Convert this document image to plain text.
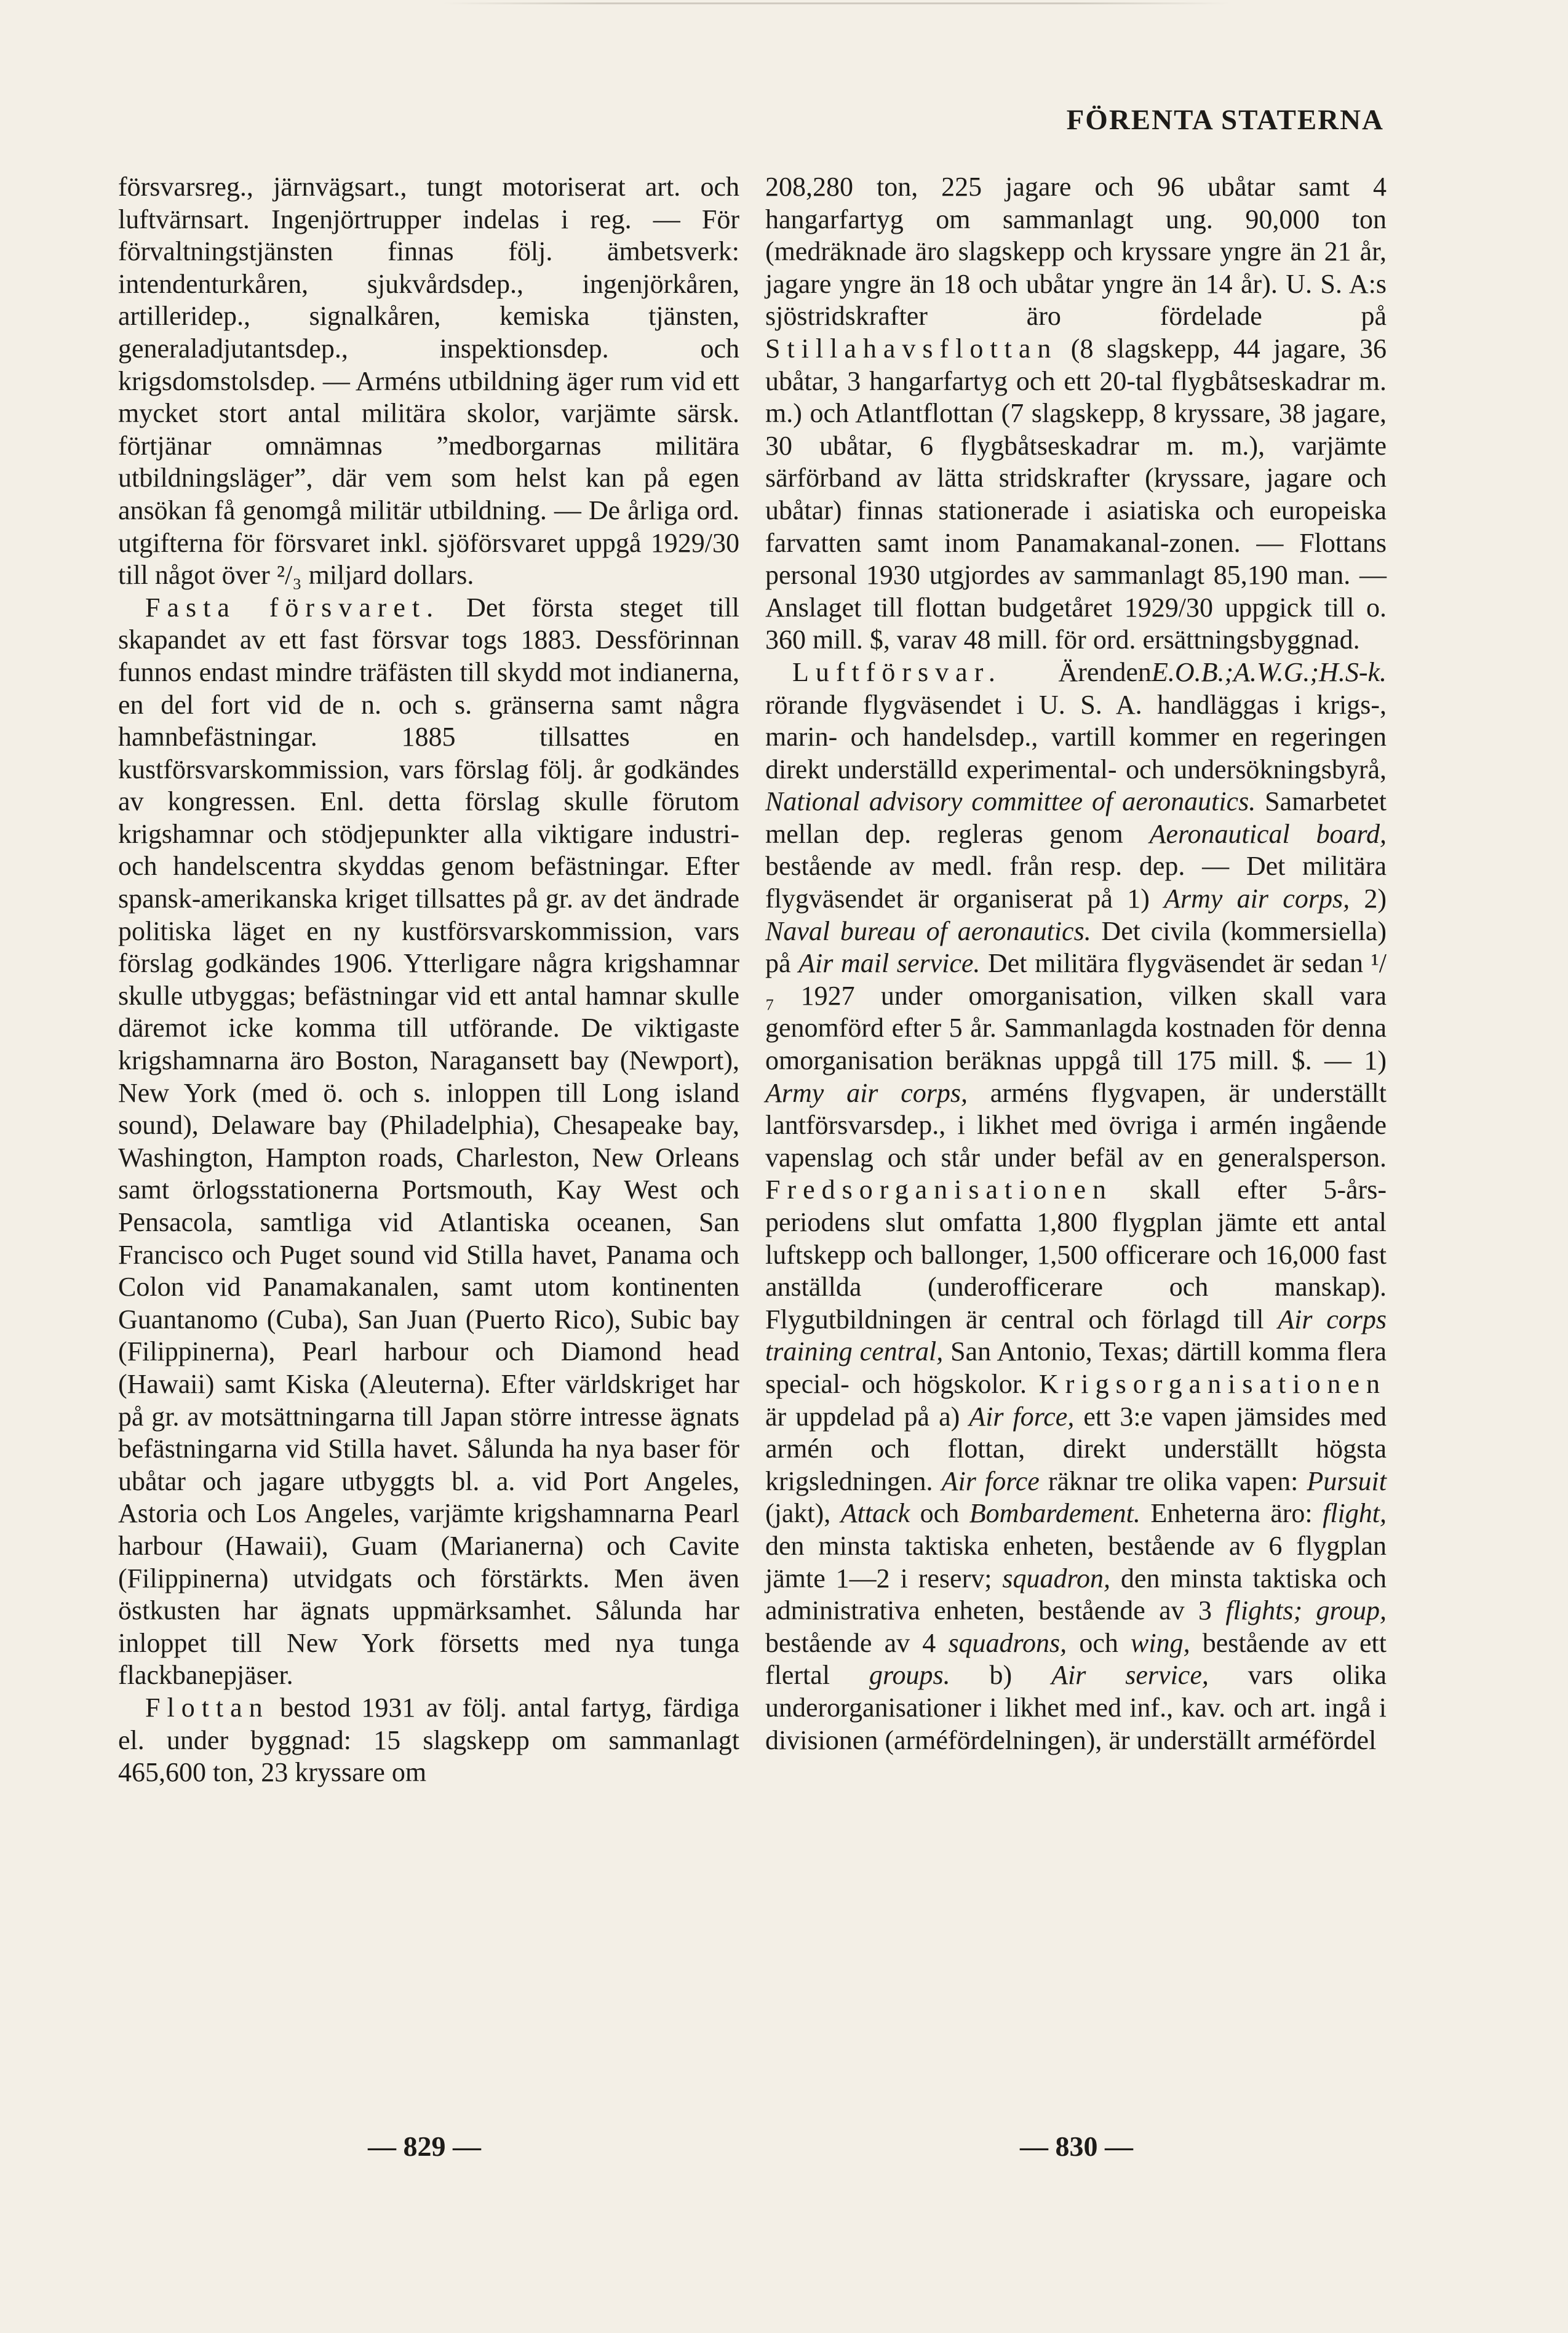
FÖRENTA STATERNA

försvarsreg., järnvägsart., tungt motoriserat art. och luftvärnsart. Ingenjörtrupper indelas i reg. — För förvaltningstjänsten finnas följ. ämbetsverk: intendenturkåren, sjukvårdsdep., ingenjörkåren, artilleridep., signalkåren, kemiska tjänsten, generaladjutantsdep., inspektionsdep. och krigsdomstolsdep. — Arméns utbildning äger rum vid ett mycket stort antal militära skolor, varjämte särsk. förtjänar omnämnas ”medborgarnas militära utbildningsläger”, där vem som helst kan på egen ansökan få genomgå militär utbildning. — De årliga ord. utgifterna för försvaret inkl. sjöförsvaret uppgå 1929/30 till något över ²/₃ miljard dollars.

Fasta försvaret. Det första steget till skapandet av ett fast försvar togs 1883. Dessförinnan funnos endast mindre träfästen till skydd mot indianerna, en del fort vid de n. och s. gränserna samt några hamnbefästningar. 1885 tillsattes en kustförsvarskommission, vars förslag följ. år godkändes av kongressen. Enl. detta förslag skulle förutom krigshamnar och stödjepunkter alla viktigare industri- och handelscentra skyddas genom befästningar. Efter spansk-amerikanska kriget tillsattes på gr. av det ändrade politiska läget en ny kustförsvarskommission, vars förslag godkändes 1906. Ytterligare några krigshamnar skulle utbyggas; befästningar vid ett antal hamnar skulle däremot icke komma till utförande. De viktigaste krigshamnarna äro Boston, Naragansett bay (Newport), New York (med ö. och s. inloppen till Long island sound), Delaware bay (Philadelphia), Chesapeake bay, Washington, Hampton roads, Charleston, New Orleans samt örlogsstationerna Portsmouth, Kay West och Pensacola, samtliga vid Atlantiska oceanen, San Francisco och Puget sound vid Stilla havet, Panama och Colon vid Panamakanalen, samt utom kontinenten Guantanomo (Cuba), San Juan (Puerto Rico), Subic bay (Filippinerna), Pearl harbour och Diamond head (Hawaii) samt Kiska (Aleuterna). Efter världskriget har på gr. av motsättningarna till Japan större intresse ägnats befästningarna vid Stilla havet. Sålunda ha nya baser för ubåtar och jagare utbyggts bl. a. vid Port Angeles, Astoria och Los Angeles, varjämte krigshamnarna Pearl harbour (Hawaii), Guam (Marianerna) och Cavite (Filippinerna) utvidgats och förstärkts. Men även östkusten har ägnats uppmärksamhet. Sålunda har inloppet till New York försetts med nya tunga flackbanepjäser.

Flottan bestod 1931 av följ. antal fartyg, färdiga el. under byggnad: 15 slagskepp om sammanlagt 465,600 ton, 23 kryssare om

208,280 ton, 225 jagare och 96 ubåtar samt 4 hangarfartyg om sammanlagt ung. 90,000 ton (medräknade äro slagskepp och kryssare yngre än 21 år, jagare yngre än 18 och ubåtar yngre än 14 år). U. S. A:s sjöstridskrafter äro fördelade på Stillahavsflottan (8 slagskepp, 44 jagare, 36 ubåtar, 3 hangarfartyg och ett 20-tal flygbåtseskadrar m. m.) och Atlantflottan (7 slagskepp, 8 kryssare, 38 jagare, 30 ubåtar, 6 flygbåtseskadrar m. m.), varjämte särförband av lätta stridskrafter (kryssare, jagare och ubåtar) finnas stationerade i asiatiska och europeiska farvatten samt inom Panamakanal-zonen. — Flottans personal 1930 utgjordes av sammanlagt 85,190 man. — Anslaget till flottan budgetåret 1929/30 uppgick till o. 360 mill. $, varav 48 mill. för ord. ersättningsbyggnad.
E.O.B.;A.W.G.;H.S-k.

Luftförsvar. Ärenden rörande flygväsendet i U. S. A. handläggas i krigs-, marin- och handelsdep., vartill kommer en regeringen direkt underställd experimental- och undersökningsbyrå, National advisory committee of aeronautics. Samarbetet mellan dep. regleras genom Aeronautical board, bestående av medl. från resp. dep. — Det militära flygväsendet är organiserat på 1) Army air corps, 2) Naval bureau of aeronautics. Det civila (kommersiella) på Air mail service. Det militära flygväsendet är sedan ¹/₇ 1927 under omorganisation, vilken skall vara genomförd efter 5 år. Sammanlagda kostnaden för denna omorganisation beräknas uppgå till 175 mill. $. — 1) Army air corps, arméns flygvapen, är underställt lantförsvarsdep., i likhet med övriga i armén ingående vapenslag och står under befäl av en generalsperson. Fredsorganisationen skall efter 5-års-periodens slut omfatta 1,800 flygplan jämte ett antal luftskepp och ballonger, 1,500 officerare och 16,000 fast anställda (underofficerare och manskap). Flygutbildningen är central och förlagd till Air corps training central, San Antonio, Texas; därtill komma flera special- och högskolor. Krigsorganisationen är uppdelad på a) Air force, ett 3:e vapen jämsides med armén och flottan, direkt underställt högsta krigsledningen. Air force räknar tre olika vapen: Pursuit (jakt), Attack och Bombardement. Enheterna äro: flight, den minsta taktiska enheten, bestående av 6 flygplan jämte 1—2 i reserv; squadron, den minsta taktiska och administrativa enheten, bestående av 3 flights; group, bestående av 4 squadrons, och wing, bestående av ett flertal groups. b) Air service, vars olika underorganisationer i likhet med inf., kav. och art. ingå i divisionen (arméfördelningen), är underställt arméfördel

— 829 —	— 830 —
